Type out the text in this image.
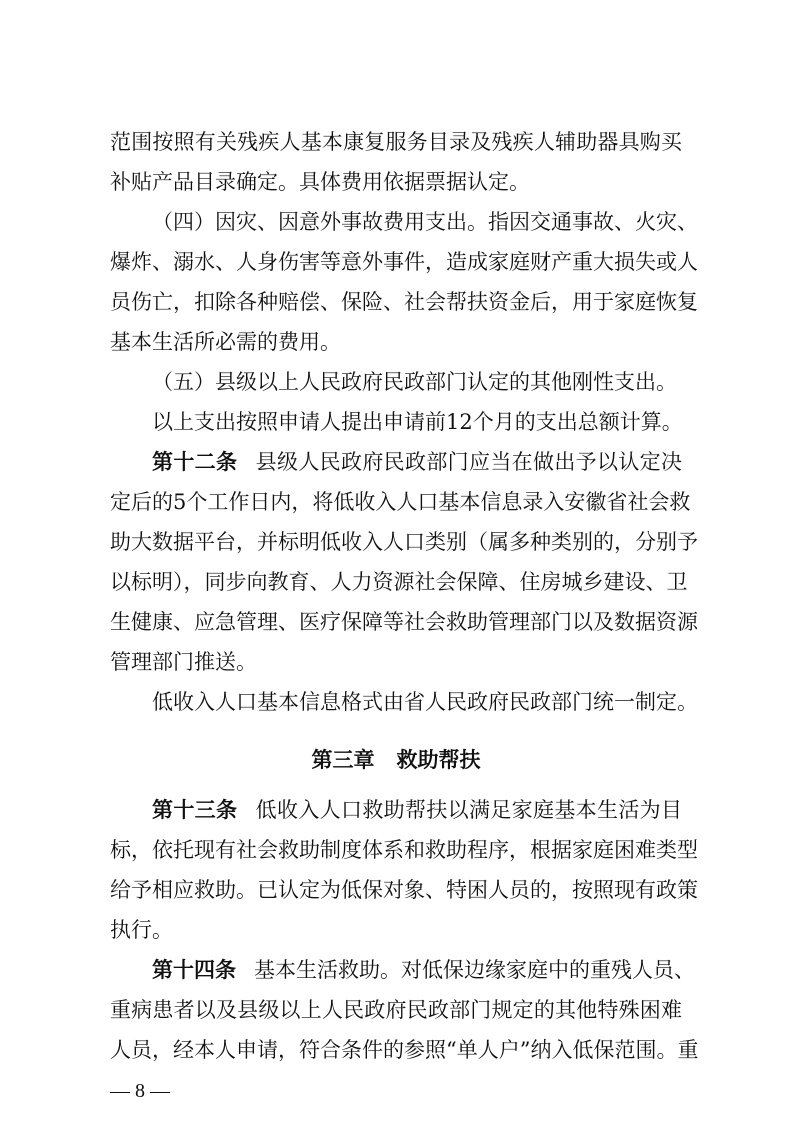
范围按照有关残疾人基本康复服务目录及残疾人辅助器具购买
补贴产品目录确定。具体费用依据票据认定。
（四）因灾、因意外事故费用支出。指因交通事故、火灾、
爆炸、溺水、人身伤害等意外事件，造成家庭财产重大损失或人
员伤亡，扣除各种赔偿、保险、社会帮扶资金后，用于家庭恢复
基本生活所必需的费用。
（五）县级以上人民政府民政部门认定的其他刚性支出。
以上支出按照申请人提出申请前12个月的支出总额计算。
第十二条 县级人民政府民政部门应当在做出予以认定决
定后的5个工作日内，将低收入人口基本信息录入安徽省社会救
助大数据平台，并标明低收入人口类别（属多种类别的，分别予
以标明），同步向教育、人力资源社会保障、住房城乡建设、卫
生健康、应急管理、医疗保障等社会救助管理部门以及数据资源
管理部门推送。
低收入人口基本信息格式由省人民政府民政部门统一制定。
第三章 救助帮扶
第十三条 低收入人口救助帮扶以满足家庭基本生活为目
标，依托现有社会救助制度体系和救助程序，根据家庭困难类型
给予相应救助。已认定为低保对象、特困人员的，按照现有政策
执行。
第十四条 基本生活救助。对低保边缘家庭中的重残人员、
重病患者以及县级以上人民政府民政部门规定的其他特殊困难
人员，经本人申请，符合条件的参照“单人户”纳入低保范围。重
— 8 —
